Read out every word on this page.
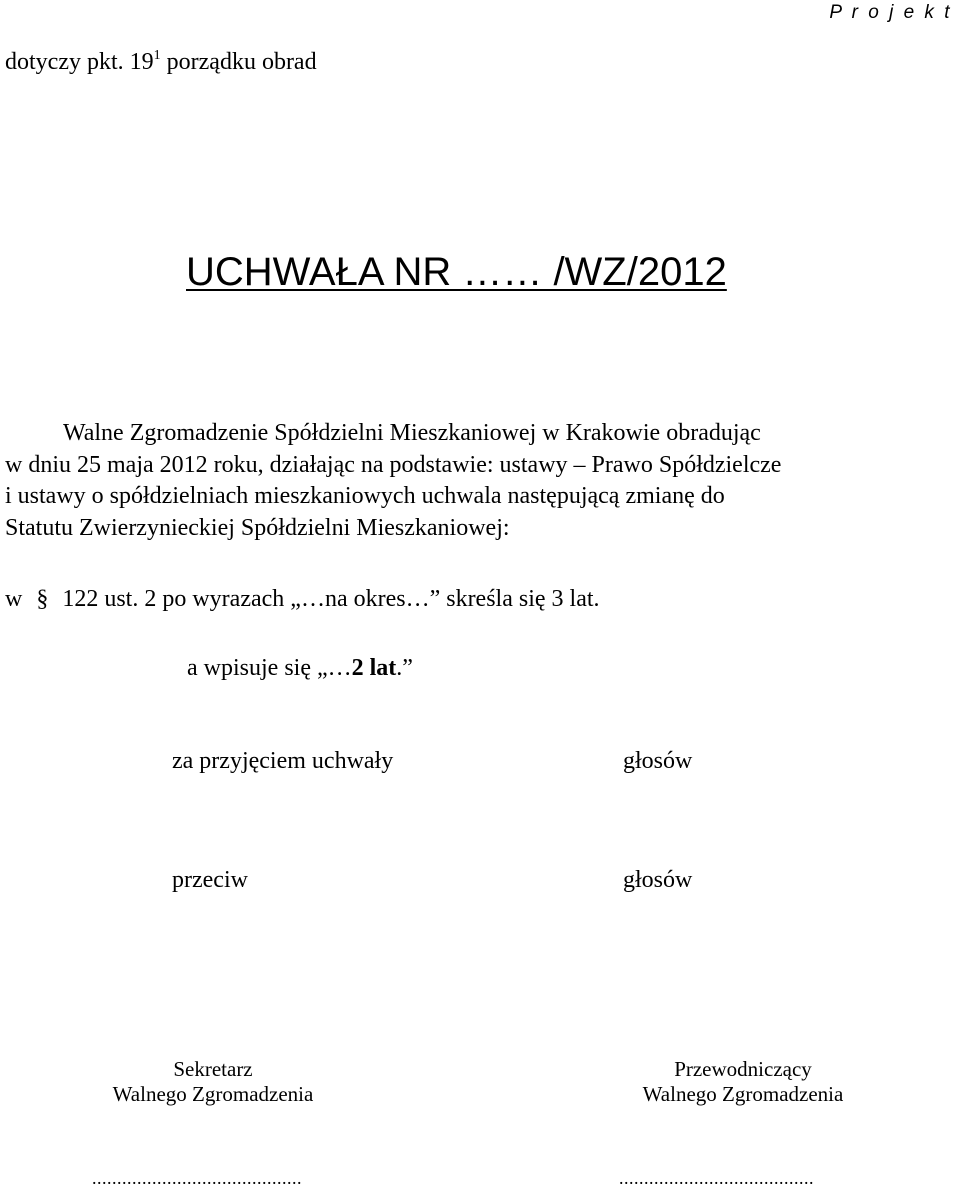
P r o j e k t
dotyczy pkt. $19^1$ porządku obrad
UCHWAŁA NR …… /WZ/2012
Walne Zgromadzenie Spółdzielni Mieszkaniowej w Krakowie obradując
w dniu 25 maja 2012 roku, działając na podstawie: ustawy – Prawo Spółdzielcze
i ustawy o spółdzielniach mieszkaniowych uchwala następującą zmianę do
Statutu Zwierzynieckiej Spółdzielni Mieszkaniowej:
w § 122 ust. 2 po wyrazach „…na okres…” skreśla się 3 lat.
a wpisuje się „…2 lat.”
za przyjęciem uchwały	głosów
przeciw	głosów
Sekretarz
Walnego Zgromadzenia
Przewodniczący
Walnego Zgromadzenia
..........................................	.......................................
